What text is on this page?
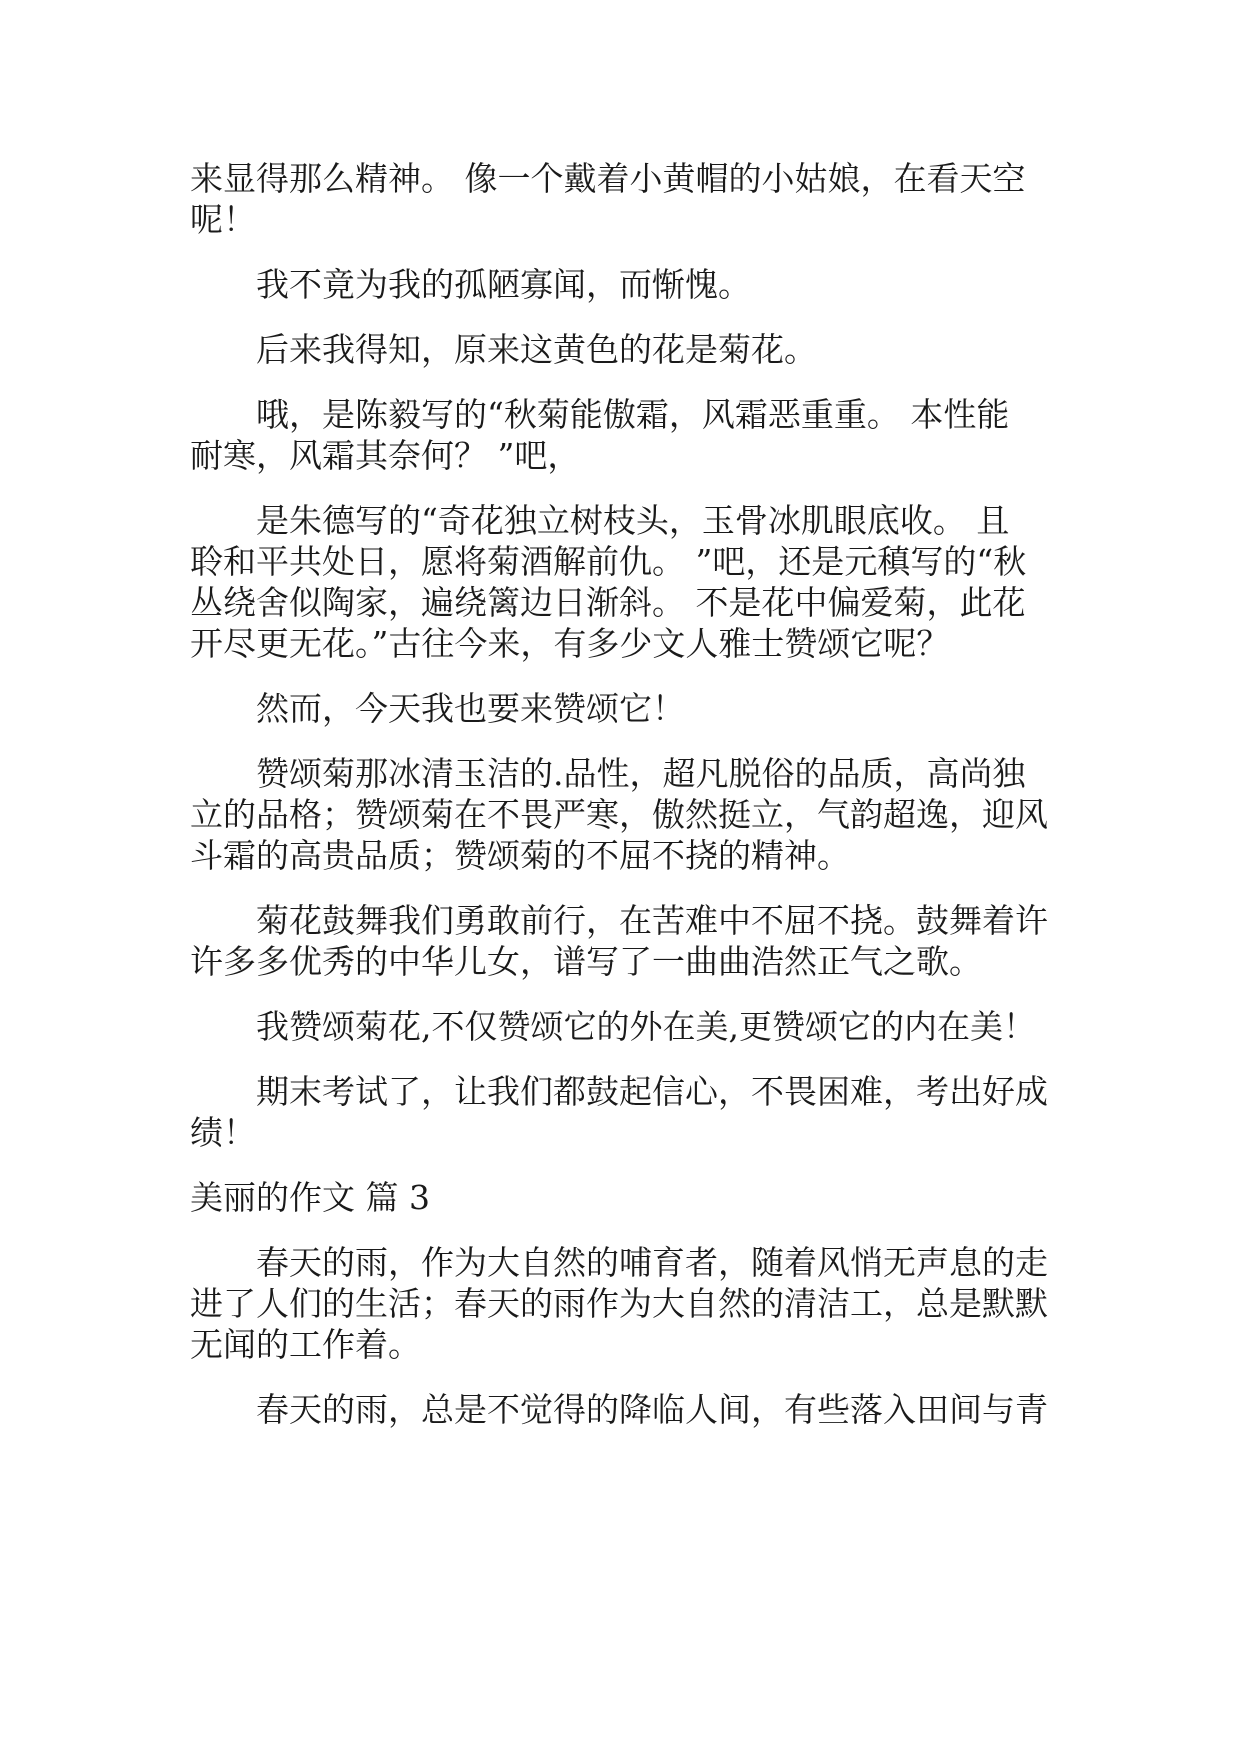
来显得那么精神。 像一个戴着小黄帽的小姑娘，在看天空
呢！
我不竟为我的孤陋寡闻，而惭愧。
后来我得知，原来这黄色的花是菊花。
哦，是陈毅写的“秋菊能傲霜，风霜恶重重。 本性能
耐寒，风霜其奈何？ ”吧，
是朱德写的“奇花独立树枝头，玉骨冰肌眼底收。 且
聆和平共处日，愿将菊酒解前仇。 ”吧，还是元稹写的“秋
丛绕舍似陶家，遍绕篱边日渐斜。 不是花中偏爱菊，此花
开尽更无花。”古往今来，有多少文人雅士赞颂它呢？
然而，今天我也要来赞颂它！
赞颂菊那冰清玉洁的.品性，超凡脱俗的品质，高尚独
立的品格；赞颂菊在不畏严寒，傲然挺立，气韵超逸，迎风
斗霜的高贵品质；赞颂菊的不屈不挠的精神。
菊花鼓舞我们勇敢前行，在苦难中不屈不挠。鼓舞着许
许多多优秀的中华儿女，谱写了一曲曲浩然正气之歌。
我赞颂菊花,不仅赞颂它的外在美,更赞颂它的内在美！
期末考试了，让我们都鼓起信心，不畏困难，考出好成
绩！
美丽的作文 篇 3
春天的雨，作为大自然的哺育者，随着风悄无声息的走
进了人们的生活；春天的雨作为大自然的清洁工，总是默默
无闻的工作着。
春天的雨，总是不觉得的降临人间，有些落入田间与青
